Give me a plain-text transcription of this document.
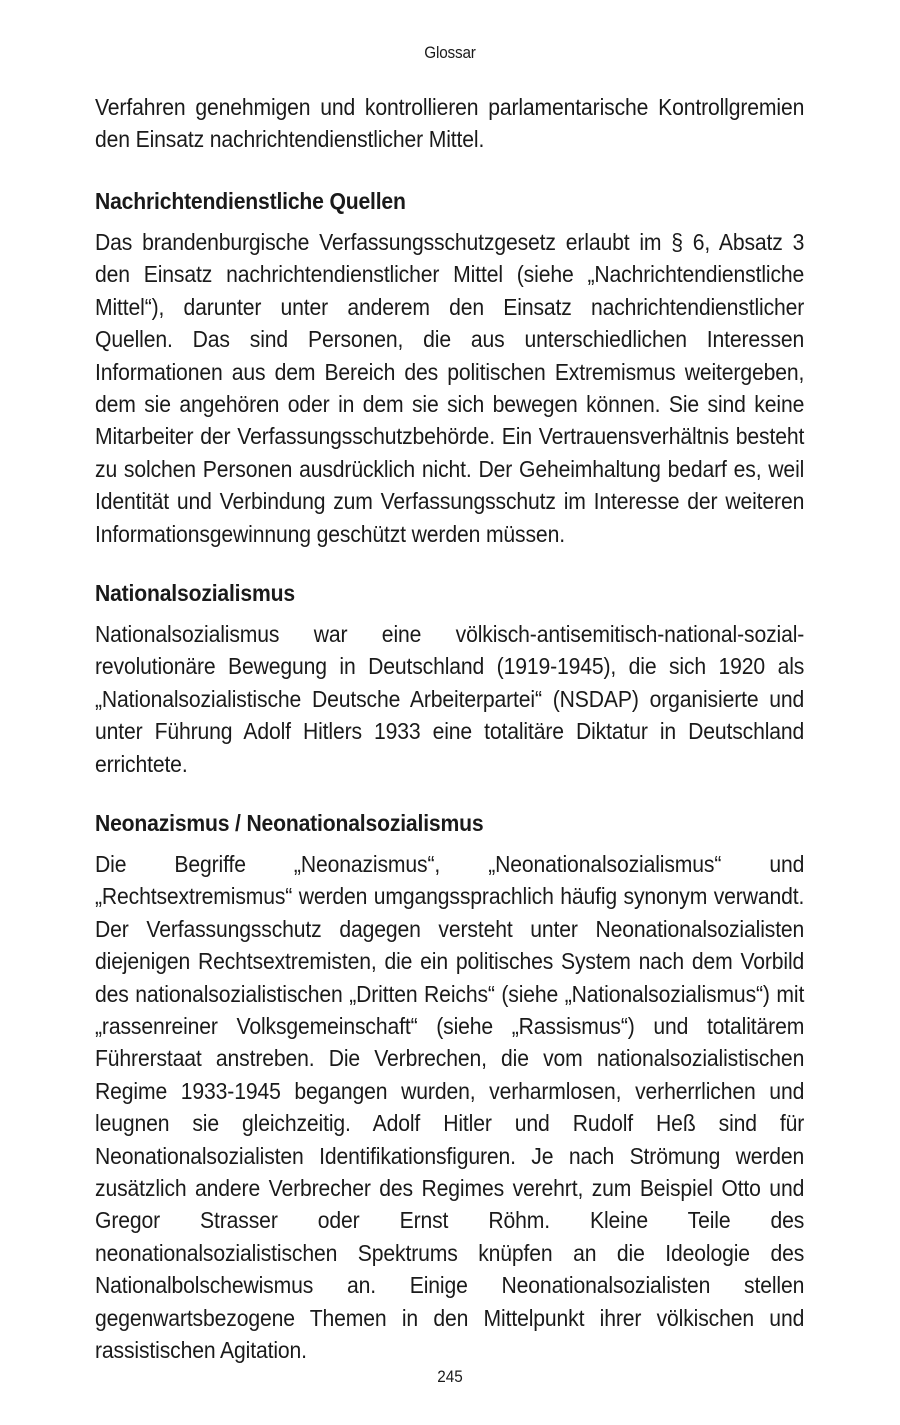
Glossar

Verfahren genehmigen und kontrollieren parlamentarische Kontrollgremien den Einsatz nachrichtendienstlicher Mittel.

Nachrichtendienstliche Quellen

Das brandenburgische Verfassungsschutzgesetz erlaubt im § 6, Absatz 3 den Einsatz nachrichtendienstlicher Mittel (siehe „Nachrichtendienstliche Mittel“), darunter unter anderem den Einsatz nachrichtendienstlicher Quellen. Das sind Personen, die aus unterschiedlichen Interessen Informationen aus dem Bereich des politischen Extremismus weitergeben, dem sie angehören oder in dem sie sich bewegen können. Sie sind keine Mitarbeiter der Verfassungsschutzbehörde. Ein Vertrauensverhältnis besteht zu solchen Personen ausdrücklich nicht. Der Geheimhaltung bedarf es, weil Identität und Verbindung zum Verfassungsschutz im Interesse der weiteren Informationsgewinnung geschützt werden müssen.

Nationalsozialismus

Nationalsozialismus war eine völkisch-antisemitisch-national-sozial-revolutionäre Bewegung in Deutschland (1919-1945), die sich 1920 als „Nationalsozialistische Deutsche Arbeiterpartei“ (NSDAP) organisierte und unter Führung Adolf Hitlers 1933 eine totalitäre Diktatur in Deutschland errichtete.

Neonazismus / Neonationalsozialismus

Die Begriffe „Neonazismus“, „Neonationalsozialismus“ und „Rechtsextremismus“ werden umgangssprachlich häufig synonym verwandt. Der Verfassungsschutz dagegen versteht unter Neonationalsozialisten diejenigen Rechtsextremisten, die ein politisches System nach dem Vorbild des nationalsozialistischen „Dritten Reichs“ (siehe „Nationalsozialismus“) mit „rassenreiner Volksgemeinschaft“ (siehe „Rassismus“) und totalitärem Führerstaat anstreben. Die Verbrechen, die vom nationalsozialistischen Regime 1933-1945 begangen wurden, verharmlosen, verherrlichen und leugnen sie gleichzeitig. Adolf Hitler und Rudolf Heß sind für Neonationalsozialisten Identifikationsfiguren. Je nach Strömung werden zusätzlich andere Verbrecher des Regimes verehrt, zum Beispiel Otto und Gregor Strasser oder Ernst Röhm. Kleine Teile des neonationalsozialistischen Spektrums knüpfen an die Ideologie des Nationalbolschewismus an. Einige Neonationalsozialisten stellen gegenwartsbezogene Themen in den Mittelpunkt ihrer völkischen und rassistischen Agitation.

245
